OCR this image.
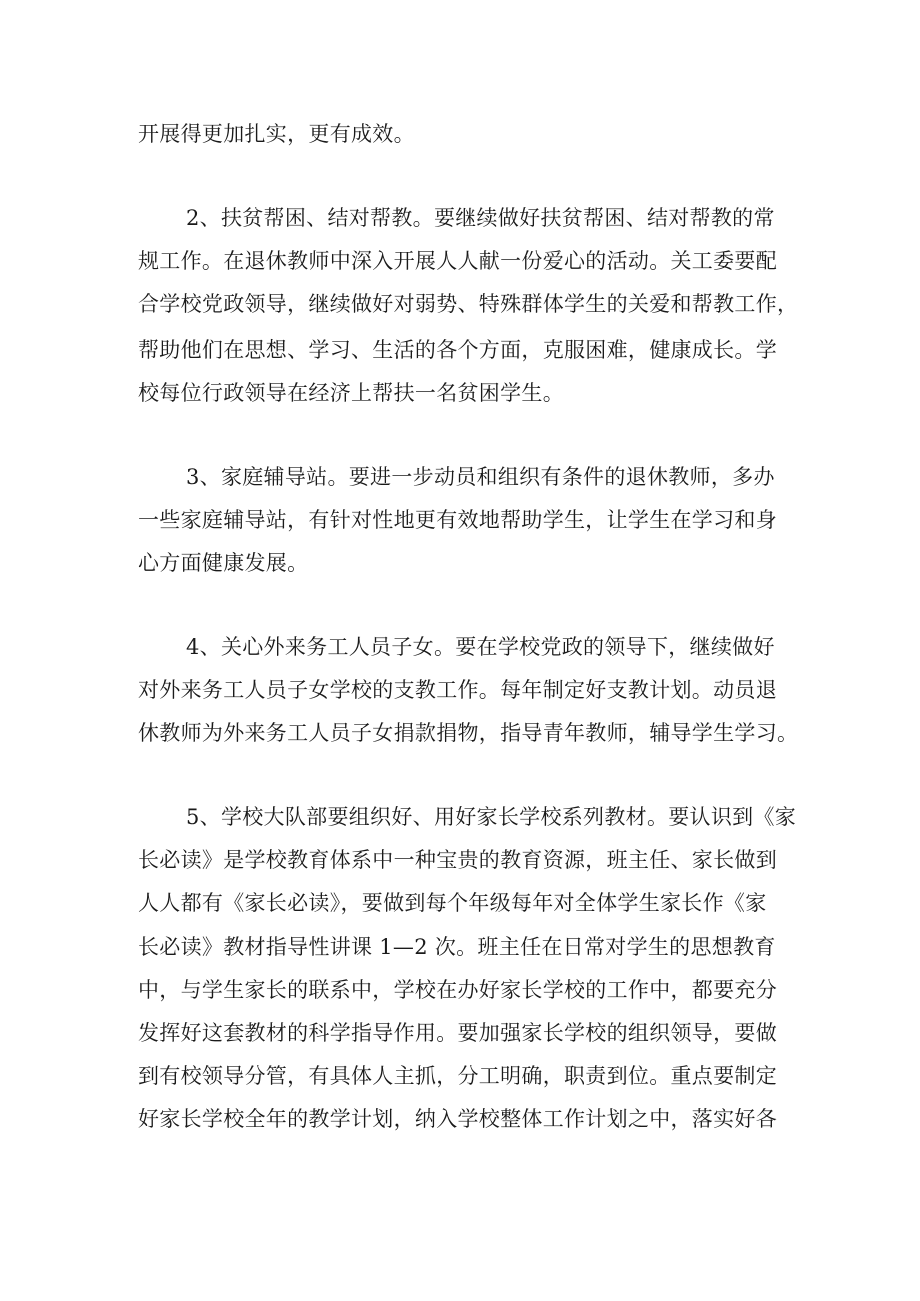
开展得更加扎实，更有成效。
2、扶贫帮困、结对帮教。要继续做好扶贫帮困、结对帮教的常
规工作。在退休教师中深入开展人人献一份爱心的活动。关工委要配
合学校党政领导，继续做好对弱势、特殊群体学生的关爱和帮教工作，
帮助他们在思想、学习、生活的各个方面，克服困难，健康成长。学
校每位行政领导在经济上帮扶一名贫困学生。
3、家庭辅导站。要进一步动员和组织有条件的退休教师，多办
一些家庭辅导站，有针对性地更有效地帮助学生，让学生在学习和身
心方面健康发展。
4、关心外来务工人员子女。要在学校党政的领导下，继续做好
对外来务工人员子女学校的支教工作。每年制定好支教计划。动员退
休教师为外来务工人员子女捐款捐物，指导青年教师，辅导学生学习。
5、学校大队部要组织好、用好家长学校系列教材。要认识到《家
长必读》是学校教育体系中一种宝贵的教育资源，班主任、家长做到
人人都有《家长必读》，要做到每个年级每年对全体学生家长作《家
长必读》教材指导性讲课 1—2 次。班主任在日常对学生的思想教育
中，与学生家长的联系中，学校在办好家长学校的工作中，都要充分
发挥好这套教材的科学指导作用。要加强家长学校的组织领导，要做
到有校领导分管，有具体人主抓，分工明确，职责到位。重点要制定
好家长学校全年的教学计划，纳入学校整体工作计划之中，落实好各
